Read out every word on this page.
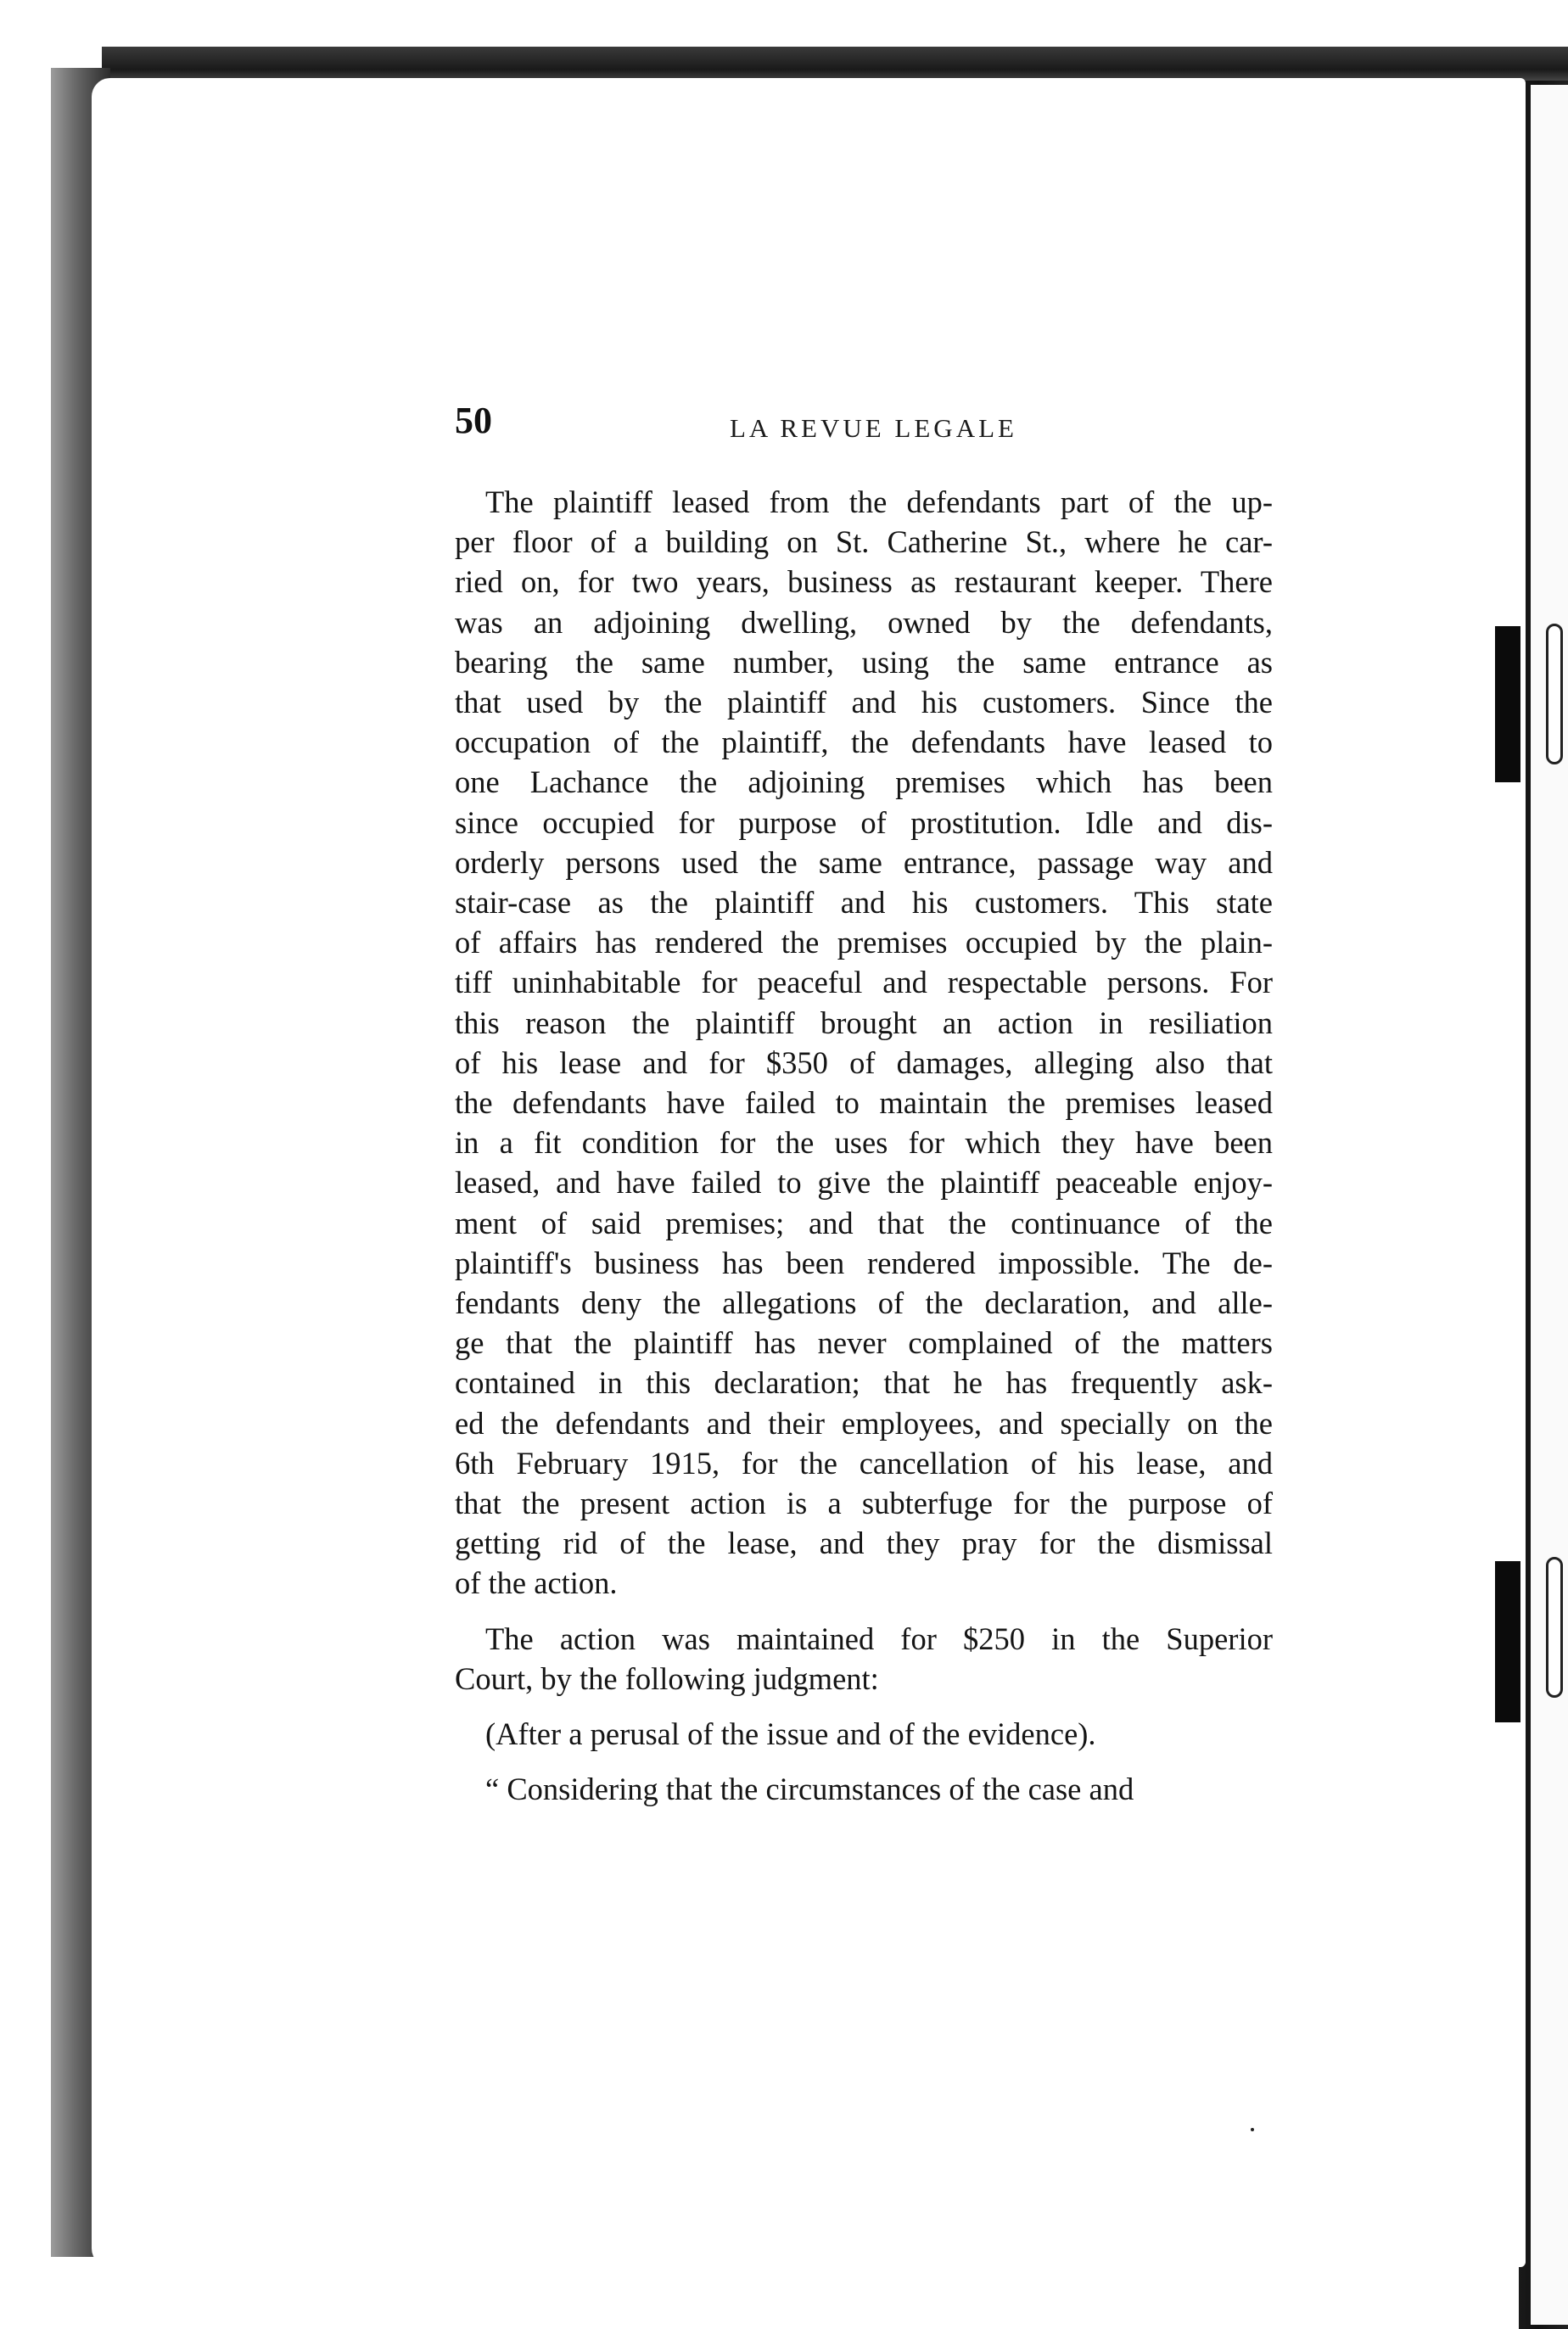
50	LA REVUE LEGALE
The plaintiff leased from the defendants part of the up-
per floor of a building on St. Catherine St., where he car-
ried on, for two years, business as restaurant keeper. There
was an adjoining dwelling, owned by the defendants,
bearing the same number, using the same entrance as
that used by the plaintiff and his customers. Since the
occupation of the plaintiff, the defendants have leased to
one Lachance the adjoining premises which has been
since occupied for purpose of prostitution. Idle and dis-
orderly persons used the same entrance, passage way and
stair-case as the plaintiff and his customers. This state
of affairs has rendered the premises occupied by the plain-
tiff uninhabitable for peaceful and respectable persons. For
this reason the plaintiff brought an action in resiliation
of his lease and for $350 of damages, alleging also that
the defendants have failed to maintain the premises leased
in a fit condition for the uses for which they have been
leased, and have failed to give the plaintiff peaceable enjoy-
ment of said premises; and that the continuance of the
plaintiff's business has been rendered impossible. The de-
fendants deny the allegations of the declaration, and alle-
ge that the plaintiff has never complained of the matters
contained in this declaration; that he has frequently ask-
ed the defendants and their employees, and specially on the
6th February 1915, for the cancellation of his lease, and
that the present action is a subterfuge for the purpose of
getting rid of the lease, and they pray for the dismissal
of the action.
The action was maintained for $250 in the Superior
Court, by the following judgment:
(After a perusal of the issue and of the evidence).
“ Considering that the circumstances of the case and
